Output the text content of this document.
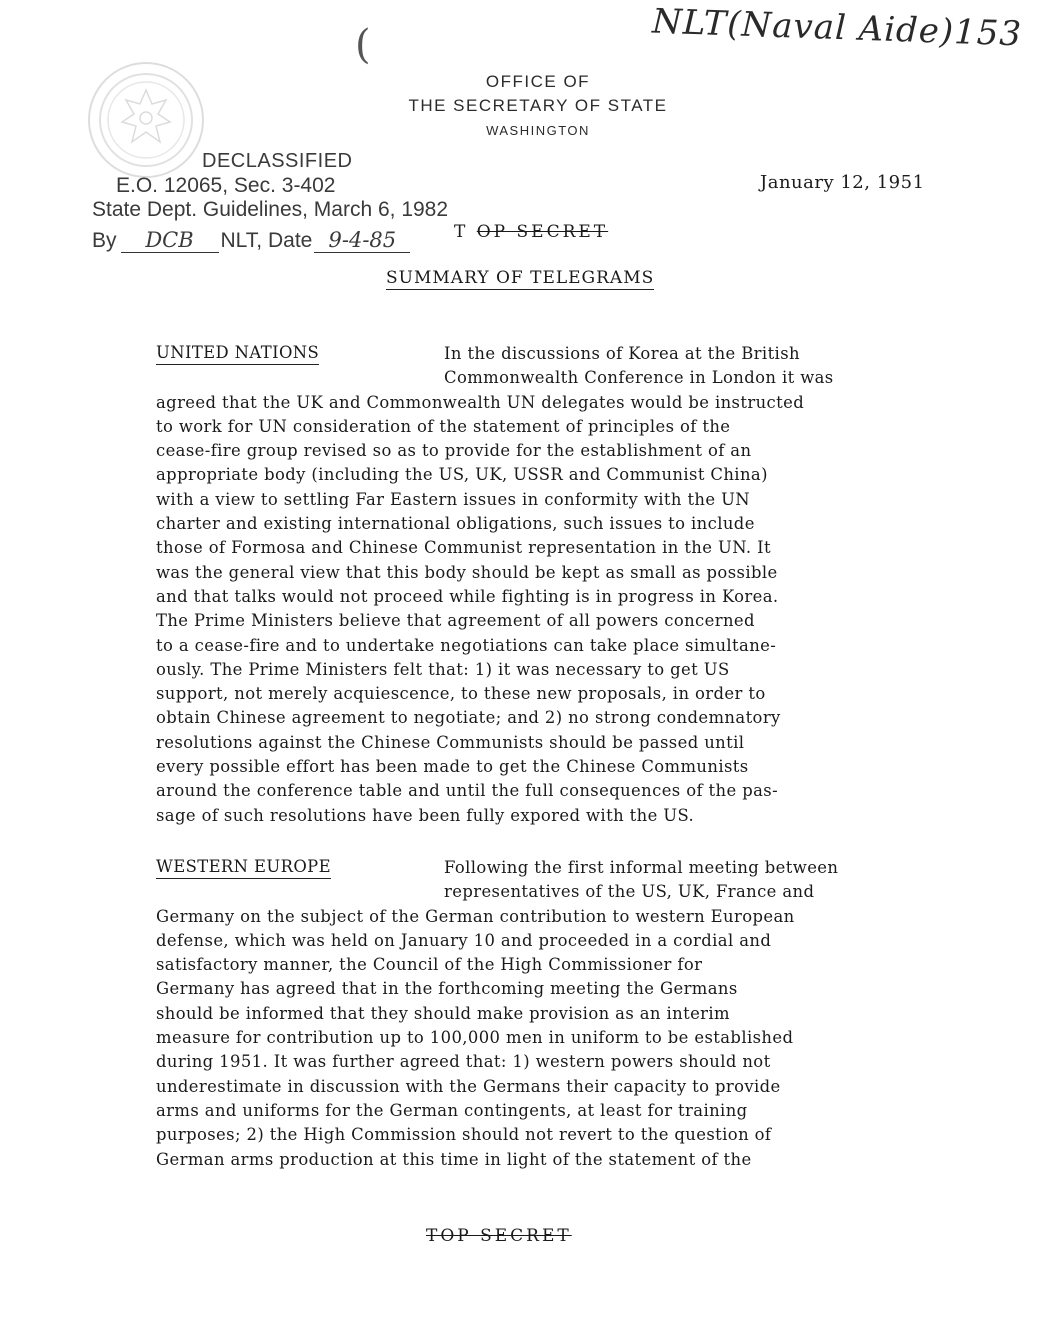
NLT(Naval Aide)153
(
OFFICE OF
THE SECRETARY OF STATE
WASHINGTON
DECLASSIFIED
E.O. 12065, Sec. 3-402
State Dept. Guidelines, March 6, 1982
By DCB NLT, Date 9-4-85
January 12, 1951
T OP SECRET
SUMMARY OF TELEGRAMS
UNITED NATIONS	In the discussions of Korea at the British
Commonwealth Conference in London it was
agreed that the UK and Commonwealth UN delegates would be instructed
to work for UN consideration of the statement of principles of the
cease-fire group revised so as to provide for the establishment of an
appropriate body (including the US, UK, USSR and Communist China)
with a view to settling Far Eastern issues in conformity with the UN
charter and existing international obligations, such issues to include
those of Formosa and Chinese Communist representation in the UN. It
was the general view that this body should be kept as small as possible
and that talks would not proceed while fighting is in progress in Korea.
The Prime Ministers believe that agreement of all powers concerned
to a cease-fire and to undertake negotiations can take place simultane-
ously. The Prime Ministers felt that: 1) it was necessary to get US
support, not merely acquiescence, to these new proposals, in order to
obtain Chinese agreement to negotiate; and 2) no strong condemnatory
resolutions against the Chinese Communists should be passed until
every possible effort has been made to get the Chinese Communists
around the conference table and until the full consequences of the pas-
sage of such resolutions have been fully expored with the US.
WESTERN EUROPE	Following the first informal meeting between
representatives of the US, UK, France and
Germany on the subject of the German contribution to western European
defense, which was held on January 10 and proceeded in a cordial and
satisfactory manner, the Council of the High Commissioner for
Germany has agreed that in the forthcoming meeting the Germans
should be informed that they should make provision as an interim
measure for contribution up to 100,000 men in uniform to be established
during 1951. It was further agreed that: 1) western powers should not
underestimate in discussion with the Germans their capacity to provide
arms and uniforms for the German contingents, at least for training
purposes; 2) the High Commission should not revert to the question of
German arms production at this time in light of the statement of the
TOP SECRET
